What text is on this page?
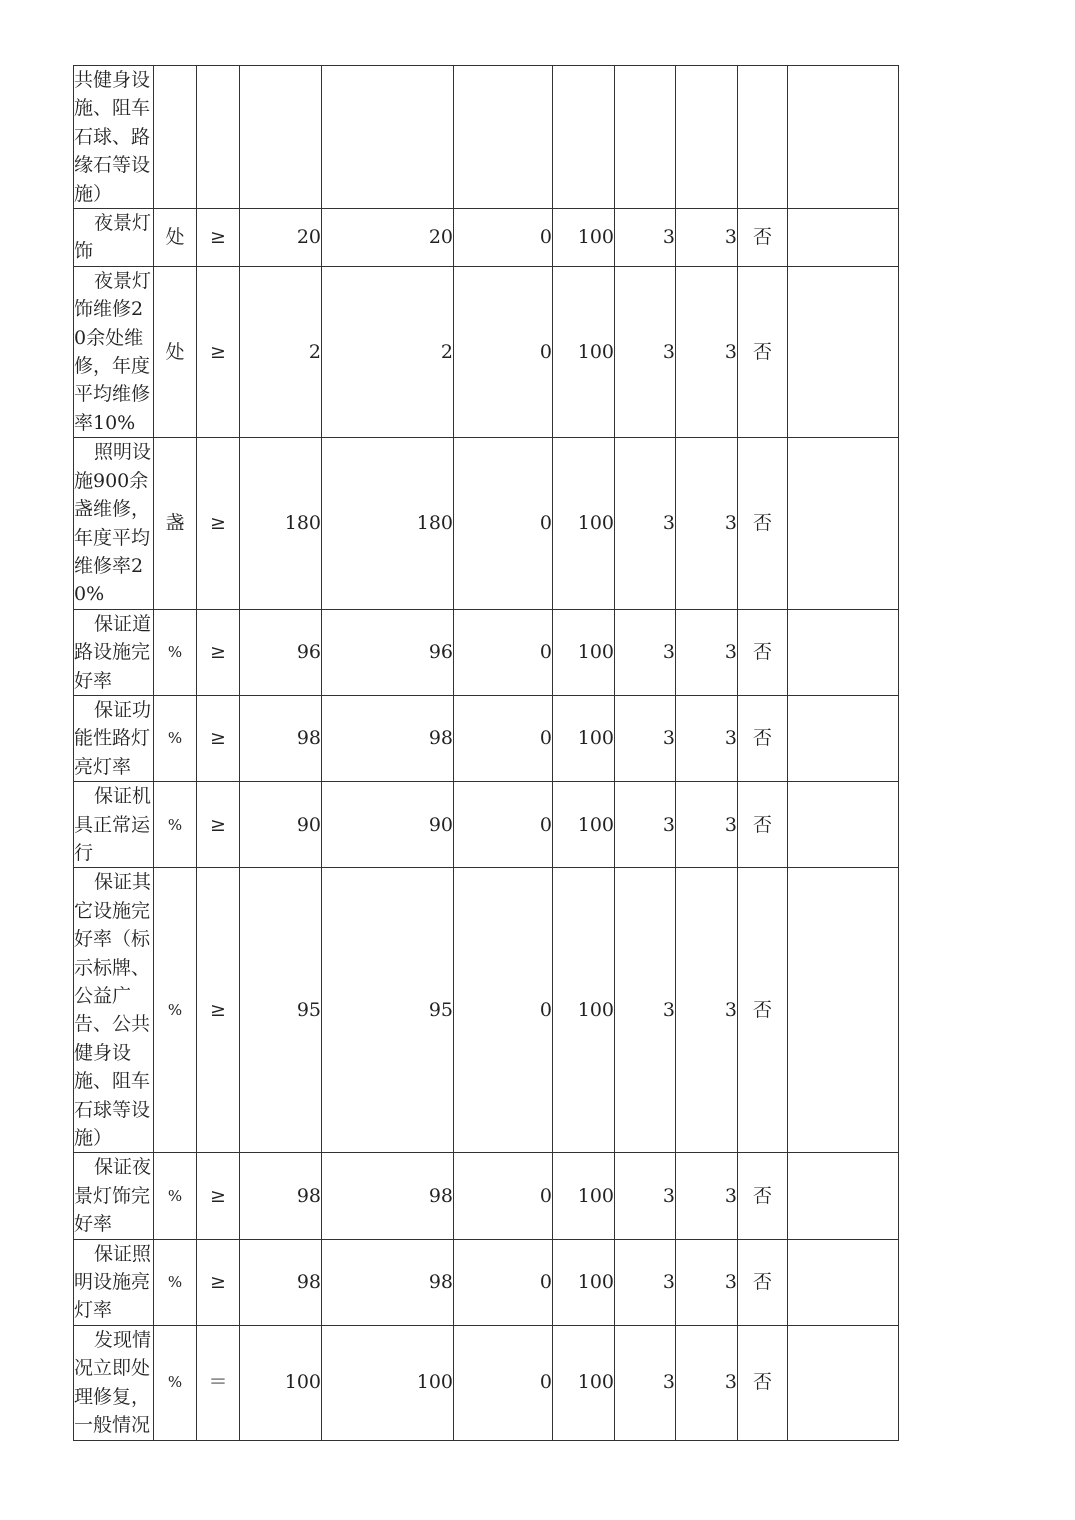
共健身设施、阻车石球、路缘石等设施）										
夜景灯饰	处	≥	20	20	0	100	3	3	否	
夜景灯饰维修20余处维修，年度平均维修率10%	处	≥	2	2	0	100	3	3	否	
照明设施900余盏维修，年度平均维修率20%	盏	≥	180	180	0	100	3	3	否	
保证道路设施完好率	%	≥	96	96	0	100	3	3	否	
保证功能性路灯亮灯率	%	≥	98	98	0	100	3	3	否	
保证机具正常运行	%	≥	90	90	0	100	3	3	否	
保证其它设施完好率（标示标牌、公益广告、公共健身设施、阻车石球等设施）	%	≥	95	95	0	100	3	3	否	
保证夜景灯饰完好率	%	≥	98	98	0	100	3	3	否	
保证照明设施亮灯率	%	≥	98	98	0	100	3	3	否	
发现情况立即处理修复，一般情况	%	＝	100	100	0	100	3	3	否	
